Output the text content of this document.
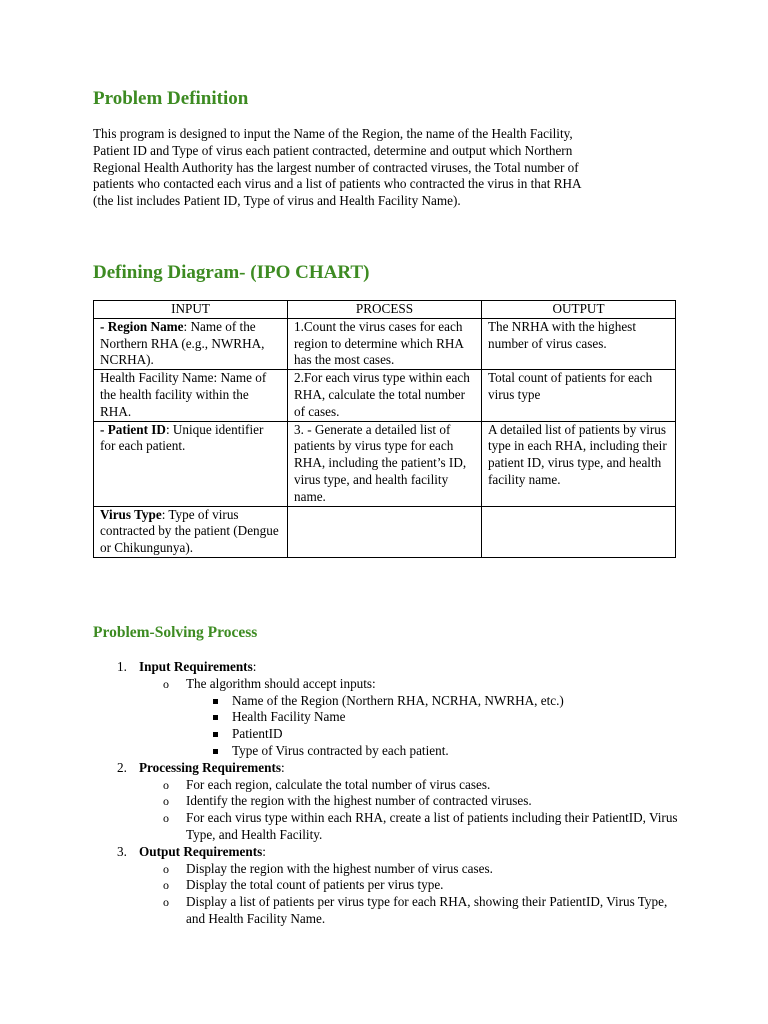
Problem Definition

This program is designed to input the Name of the Region, the name of the Health Facility,
Patient ID and Type of virus each patient contracted, determine and output which Northern
Regional Health Authority has the largest number of contracted viruses, the Total number of
patients who contacted each virus and a list of patients who contracted the virus in that RHA
(the list includes Patient ID, Type of virus and Health Facility Name).

Defining Diagram- (IPO CHART)
INPUT	PROCESS	OUTPUT
- Region Name: Name of the Northern RHA (e.g., NWRHA, NCRHA).	1.Count the virus cases for each region to determine which RHA has the most cases.	The NRHA with the highest number of virus cases.
Health Facility Name: Name of the health facility within the RHA.	2.For each virus type within each RHA, calculate the total number of cases.	Total count of patients for each virus type
- Patient ID: Unique identifier for each patient.	3. - Generate a detailed list of patients by virus type for each RHA, including the patient’s ID, virus type, and health facility name.	A detailed list of patients by virus type in each RHA, including their patient ID, virus type, and health facility name.
Virus Type: Type of virus contracted by the patient (Dengue or Chikungunya).		
Problem-Solving Process
1. Input Requirements:
o The algorithm should accept inputs:
Name of the Region (Northern RHA, NCRHA, NWRHA, etc.)
Health Facility Name
PatientID
Type of Virus contracted by each patient.
2. Processing Requirements:
o For each region, calculate the total number of virus cases.
o Identify the region with the highest number of contracted viruses.
o For each virus type within each RHA, create a list of patients including their PatientID, Virus Type, and Health Facility.
3. Output Requirements:
o Display the region with the highest number of virus cases.
o Display the total count of patients per virus type.
o Display a list of patients per virus type for each RHA, showing their PatientID, Virus Type, and Health Facility Name.
